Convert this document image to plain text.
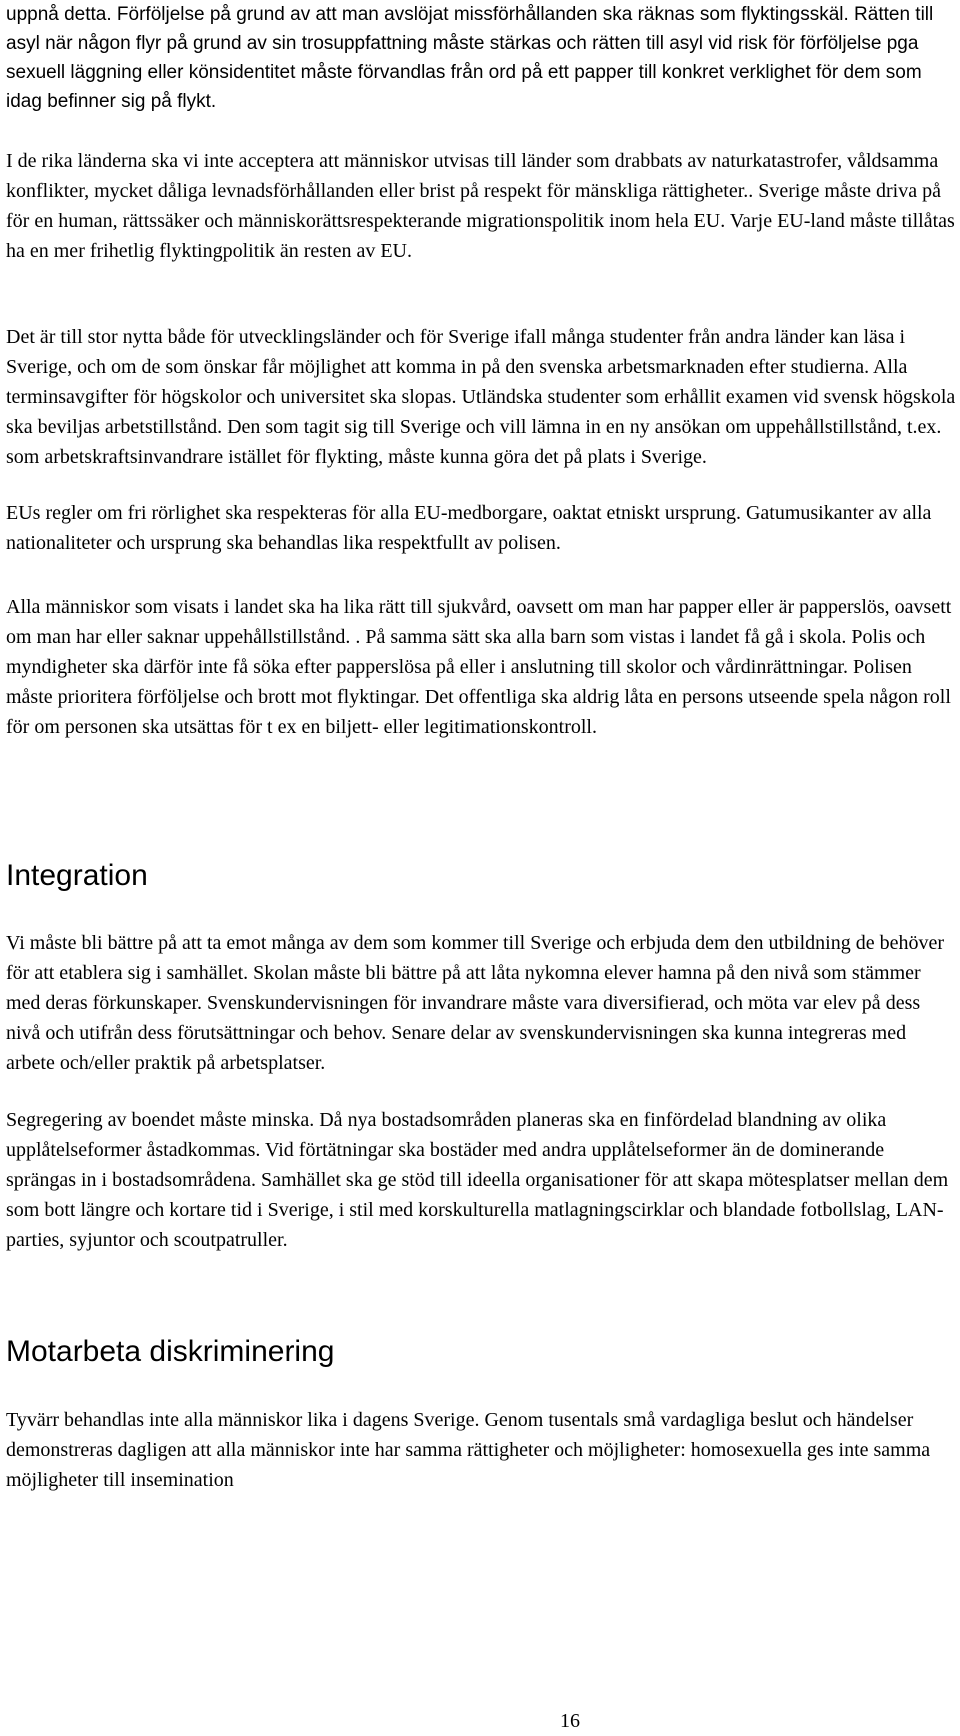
uppnå detta. Förföljelse på grund av att man avslöjat missförhållanden ska räknas som flyktingsskäl. Rätten till asyl när någon flyr på grund av sin trosuppfattning måste stärkas och rätten till asyl vid risk för förföljelse pga sexuell läggning eller könsidentitet måste förvandlas från ord på ett papper till konkret verklighet för dem som idag befinner sig på flykt.

I de rika länderna ska vi inte acceptera att människor utvisas till länder som drabbats av naturkatastrofer, våldsamma konflikter, mycket dåliga levnadsförhållanden eller brist på respekt för mänskliga rättigheter.. Sverige måste driva på för en human, rättssäker och människorättsrespekterande migrationspolitik inom hela EU. Varje EU-land måste tillåtas ha en mer frihetlig flyktingpolitik än resten av EU.

Det är till stor nytta både för utvecklingsländer och för Sverige ifall många studenter från andra länder kan läsa i Sverige, och om de som önskar får möjlighet att komma in på den svenska arbetsmarknaden efter studierna. Alla terminsavgifter för högskolor och universitet ska slopas. Utländska studenter som erhållit examen vid svensk högskola ska beviljas arbetstillstånd. Den som tagit sig till Sverige och vill lämna in en ny ansökan om uppehållstillstånd, t.ex. som arbetskraftsinvandrare istället för flykting, måste kunna göra det på plats i Sverige.

EUs regler om fri rörlighet ska respekteras för alla EU-medborgare, oaktat etniskt ursprung. Gatumusikanter av alla nationaliteter och ursprung ska behandlas lika respektfullt av polisen.

Alla människor som visats i landet ska ha lika rätt till sjukvård, oavsett om man har papper eller är papperslös, oavsett om man har eller saknar uppehållstillstånd. . På samma sätt ska alla barn som vistas i landet få gå i skola. Polis och myndigheter ska därför inte få söka efter papperslösa på eller i anslutning till skolor och vårdinrättningar. Polisen måste prioritera förföljelse och brott mot flyktingar. Det offentliga ska aldrig låta en persons utseende spela någon roll för om personen ska utsättas för t ex en biljett- eller legitimationskontroll.

Integration

Vi måste bli bättre på att ta emot många av dem som kommer till Sverige och erbjuda dem den utbildning de behöver för att etablera sig i samhället. Skolan måste bli bättre på att låta nykomna elever hamna på den nivå som stämmer med deras förkunskaper. Svenskundervisningen för invandrare måste vara diversifierad, och möta var elev på dess nivå och utifrån dess förutsättningar och behov. Senare delar av svenskundervisningen ska kunna integreras med arbete och/eller praktik på arbetsplatser.

Segregering av boendet måste minska. Då nya bostadsområden planeras ska en finfördelad blandning av olika upplåtelseformer åstadkommas. Vid förtätningar ska bostäder med andra upplåtelseformer än de dominerande sprängas in i bostadsområdena. Samhället ska ge stöd till ideella organisationer för att skapa mötesplatser mellan dem som bott längre och kortare tid i Sverige, i stil med korskulturella matlagningscirklar och blandade fotbollslag, LAN-parties, syjuntor och scoutpatruller.

Motarbeta diskriminering

Tyvärr behandlas inte alla människor lika i dagens Sverige. Genom tusentals små vardagliga beslut och händelser demonstreras dagligen att alla människor inte har samma rättigheter och möjligheter: homosexuella ges inte samma möjligheter till insemination

16
